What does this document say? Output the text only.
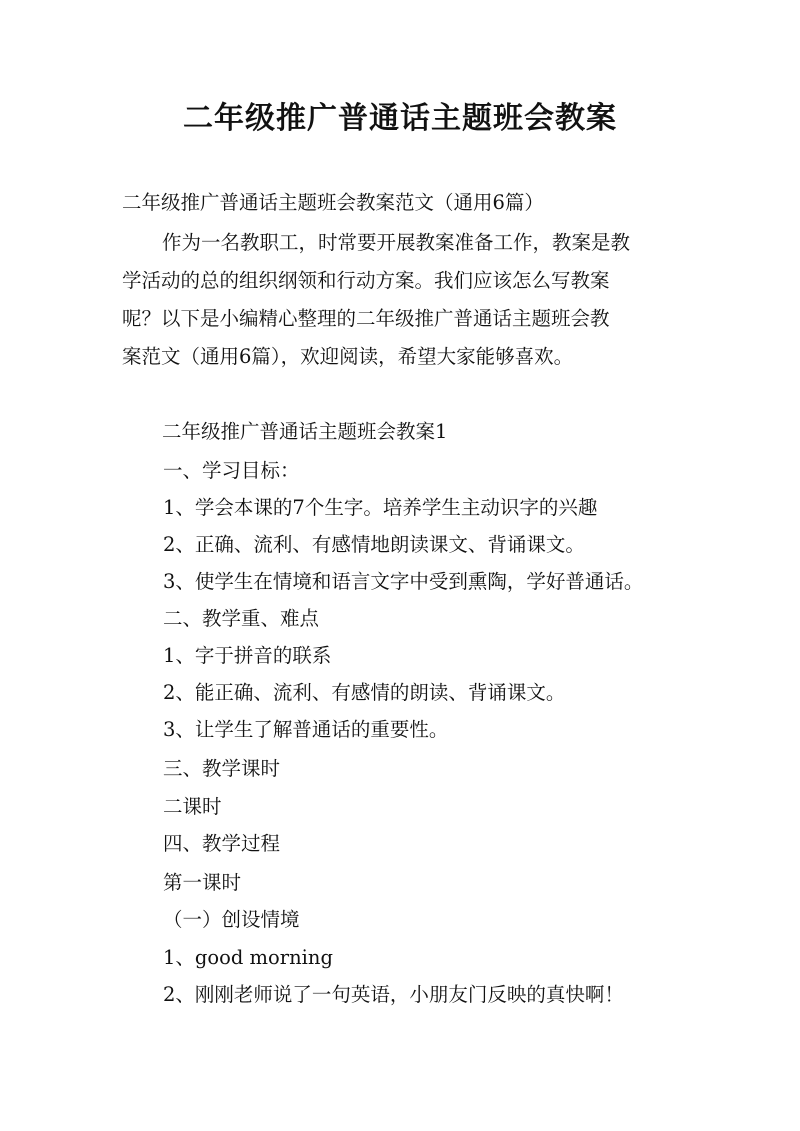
二年级推广普通话主题班会教案
二年级推广普通话主题班会教案范文（通用6篇）
作为一名教职工，时常要开展教案准备工作，教案是教
学活动的总的组织纲领和行动方案。我们应该怎么写教案
呢？以下是小编精心整理的二年级推广普通话主题班会教
案范文（通用6篇），欢迎阅读，希望大家能够喜欢。
二年级推广普通话主题班会教案1
一、学习目标：
1、学会本课的7个生字。培养学生主动识字的兴趣
2、正确、流利、有感情地朗读课文、背诵课文。
3、使学生在情境和语言文字中受到熏陶，学好普通话。
二、教学重、难点
1、字于拼音的联系
2、能正确、流利、有感情的朗读、背诵课文。
3、让学生了解普通话的重要性。
三、教学课时
二课时
四、教学过程
第一课时
（一）创设情境
1、good morning
2、刚刚老师说了一句英语，小朋友门反映的真快啊！
